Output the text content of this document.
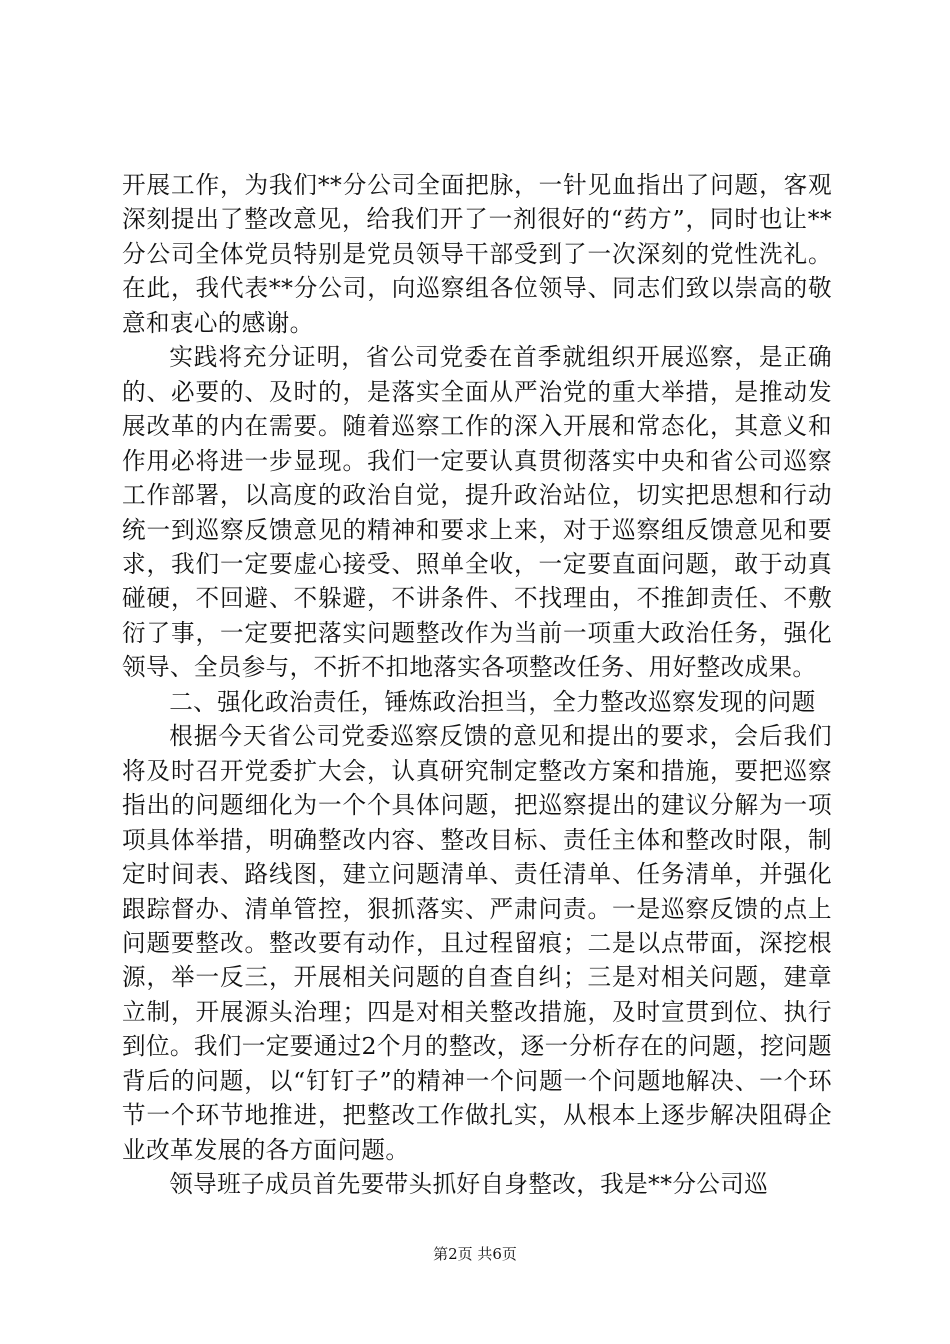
开展工作，为我们**分公司全面把脉，一针见血指出了问题，客观深刻提出了整改意见，给我们开了一剂很好的“药方”，同时也让**分公司全体党员特别是党员领导干部受到了一次深刻的党性洗礼。在此，我代表**分公司，向巡察组各位领导、同志们致以崇高的敬意和衷心的感谢。

实践将充分证明，省公司党委在首季就组织开展巡察，是正确的、必要的、及时的，是落实全面从严治党的重大举措，是推动发展改革的内在需要。随着巡察工作的深入开展和常态化，其意义和作用必将进一步显现。我们一定要认真贯彻落实中央和省公司巡察工作部署，以高度的政治自觉，提升政治站位，切实把思想和行动统一到巡察反馈意见的精神和要求上来，对于巡察组反馈意见和要求，我们一定要虚心接受、照单全收，一定要直面问题，敢于动真碰硬，不回避、不躲避，不讲条件、不找理由，不推卸责任、不敷衍了事，一定要把落实问题整改作为当前一项重大政治任务，强化领导、全员参与，不折不扣地落实各项整改任务、用好整改成果。

二、强化政治责任，锤炼政治担当，全力整改巡察发现的问题

根据今天省公司党委巡察反馈的意见和提出的要求，会后我们将及时召开党委扩大会，认真研究制定整改方案和措施，要把巡察指出的问题细化为一个个具体问题，把巡察提出的建议分解为一项项具体举措，明确整改内容、整改目标、责任主体和整改时限，制定时间表、路线图，建立问题清单、责任清单、任务清单，并强化跟踪督办、清单管控，狠抓落实、严肃问责。一是巡察反馈的点上问题要整改。整改要有动作，且过程留痕；二是以点带面，深挖根源，举一反三，开展相关问题的自查自纠；三是对相关问题，建章立制，开展源头治理；四是对相关整改措施，及时宣贯到位、执行到位。我们一定要通过2个月的整改，逐一分析存在的问题，挖问题背后的问题，以“钉钉子”的精神一个问题一个问题地解决、一个环节一个环节地推进，把整改工作做扎实，从根本上逐步解决阻碍企业改革发展的各方面问题。

领导班子成员首先要带头抓好自身整改，我是**分公司巡

第2页 共6页
